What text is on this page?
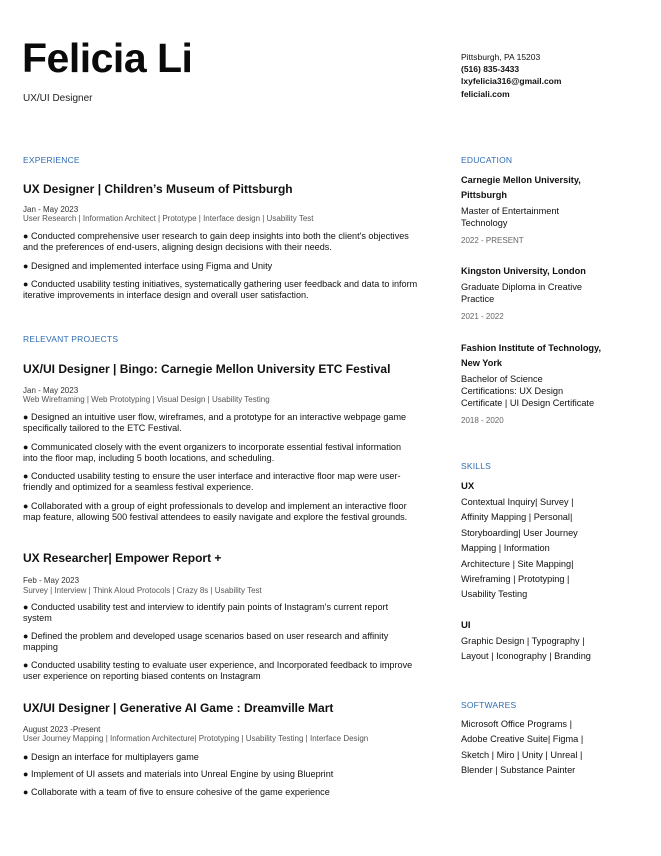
Felicia Li
UX/UI Designer
Pittsburgh, PA 15203
(516) 835-3433
lxyfelicia316@gmail.com
feliciali.com
EXPERIENCE
UX Designer | Children’s Museum of Pittsburgh
Jan - May 2023
User Research | Information Architect | Prototype | Interface design | Usability Test
● Conducted comprehensive user research to gain deep insights into both the client's objectives and the preferences of end-users, aligning design decisions with their needs.
● Designed and implemented interface using Figma and Unity
● Conducted usability testing initiatives, systematically gathering user feedback and data to inform iterative improvements in interface design and overall user satisfaction.
RELEVANT PROJECTS
UX/UI Designer | Bingo: Carnegie Mellon University ETC Festival
Jan - May 2023
Web Wireframing | Web Prototyping | Visual Design | Usability Testing
● Designed an intuitive user flow, wireframes, and a prototype for an interactive webpage game specifically tailored to the ETC Festival.
● Communicated closely with the event organizers to incorporate essential festival information into the floor map, including 5 booth locations, and scheduling.
● Conducted usability testing to ensure the user interface and interactive floor map were user-friendly and optimized for a seamless festival experience.
● Collaborated with a group of eight professionals to develop and implement an interactive floor map feature, allowing 500 festival attendees to easily navigate and explore the festival grounds.
UX Researcher| Empower Report +
Feb - May 2023
Survey | Interview | Think Aloud Protocols | Crazy 8s | Usability Test
● Conducted usability test and interview to identify pain points of Instagram's current report system
● Defined the problem and developed usage scenarios based on user research and affinity mapping
● Conducted usability testing to evaluate user experience, and Incorporated feedback to improve user experience on reporting biased contents on Instagram
UX/UI Designer | Generative AI Game : Dreamville Mart
August 2023 -Present
User Journey Mapping | Information Architecture| Prototyping | Usability Testing | Interface Design
● Design an interface for multiplayers game
● Implement of UI assets and materials into Unreal Engine by using Blueprint
● Collaborate with a team of five to ensure cohesive of the game experience
EDUCATION
Carnegie Mellon University,
Pittsburgh
Master of Entertainment
Technology
2022 - PRESENT
Kingston University, London
Graduate Diploma in Creative
Practice
2021 - 2022
Fashion Institute of Technology,
New York
Bachelor of Science
Certifications: UX Design
Certificate | UI Design Certificate
2018 - 2020
SKILLS
UX
Contextual Inquiry| Survey |
Affinity Mapping | Personal|
Storyboarding| User Journey
Mapping | Information
Architecture | Site Mapping|
Wireframing | Prototyping |
Usability Testing
UI
Graphic Design | Typography |
Layout | Iconography | Branding
SOFTWARES
Microsoft Office Programs |
Adobe Creative Suite| Figma |
Sketch | Miro | Unity | Unreal |
Blender | Substance Painter
